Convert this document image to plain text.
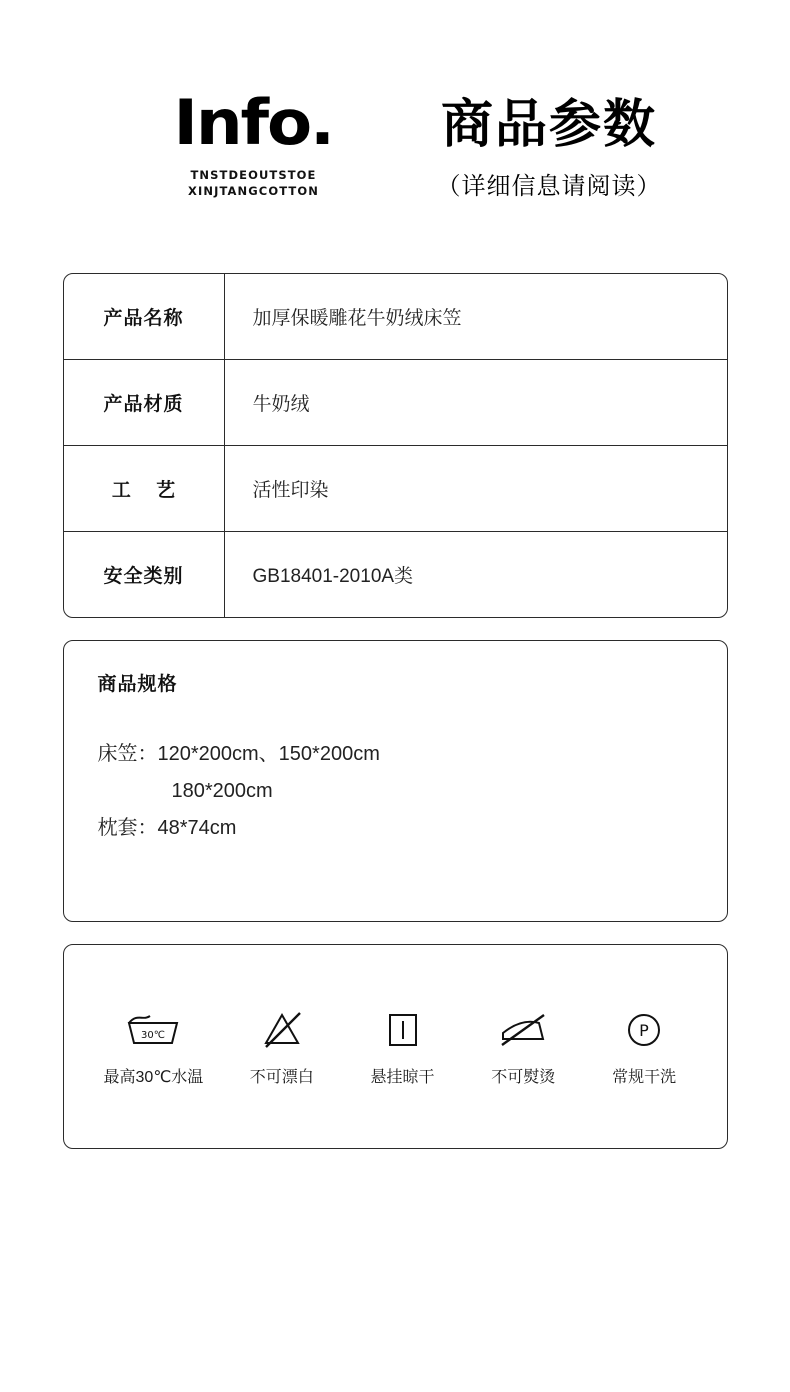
Info.
TNSTDEOUTSTOE
XINJTANGCOTTON
商品参数
（详细信息请阅读）
产品名称	加厚保暖雕花牛奶绒床笠
产品材质	牛奶绒
工 艺	活性印染
安全类别	GB18401-2010A类
商品规格
床笠：120*200cm、150*200cm
180*200cm
枕套：48*74cm
30℃
最高30℃水温	不可漂白	悬挂晾干	不可熨烫
P
常规干洗
